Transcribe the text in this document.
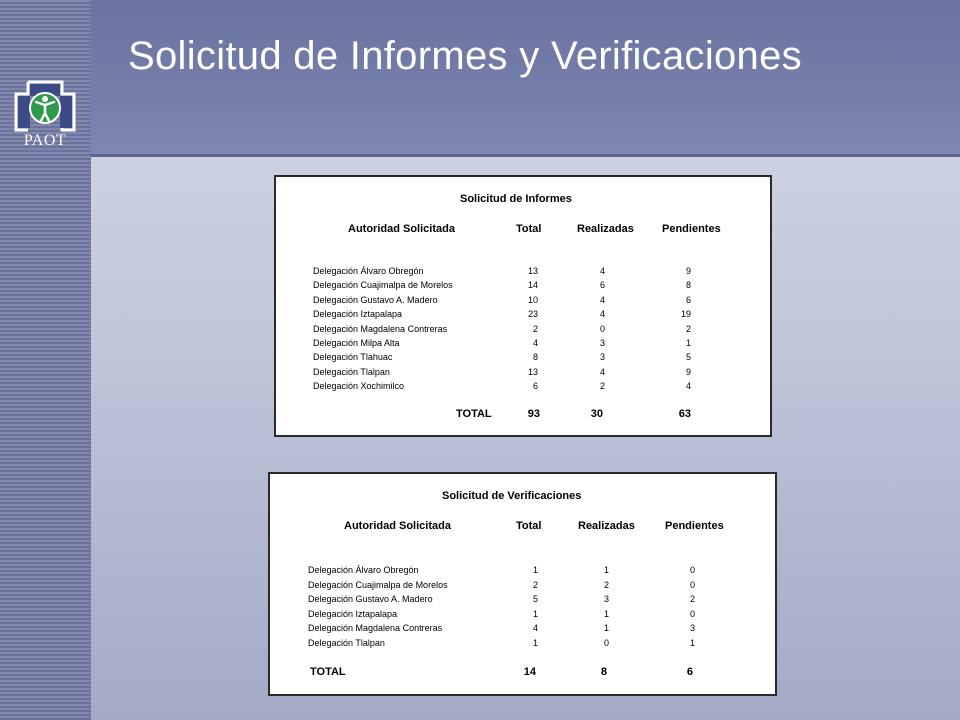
PAOT
Solicitud de Informes y Verificaciones
Solicitud de Informes
Autoridad Solicitada	Total	Realizadas	Pendientes
Delegación Álvaro Obregón	13	4	9
Delegación Cuajimalpa de Morelos	14	6	8
Delegación Gustavo A. Madero	10	4	6
Delegación Iztapalapa	23	4	19
Delegación Magdalena Contreras	2	0	2
Delegación Milpa Alta	4	3	1
Delegación Tlahuac	8	3	5
Delegación Tlalpan	13	4	9
Delegación Xochimilco	6	2	4
TOTAL	93	30	63
Solicitud de Verificaciones
Autoridad Solicitada	Total	Realizadas	Pendientes
Delegación Álvaro Obregón	1	1	0
Delegación Cuajimalpa de Morelos	2	2	0
Delegación Gustavo A. Madero	5	3	2
Delegación Iztapalapa	1	1	0
Delegación Magdalena Contreras	4	1	3
Delegación Tlalpan	1	0	1
TOTAL	14	8	6
